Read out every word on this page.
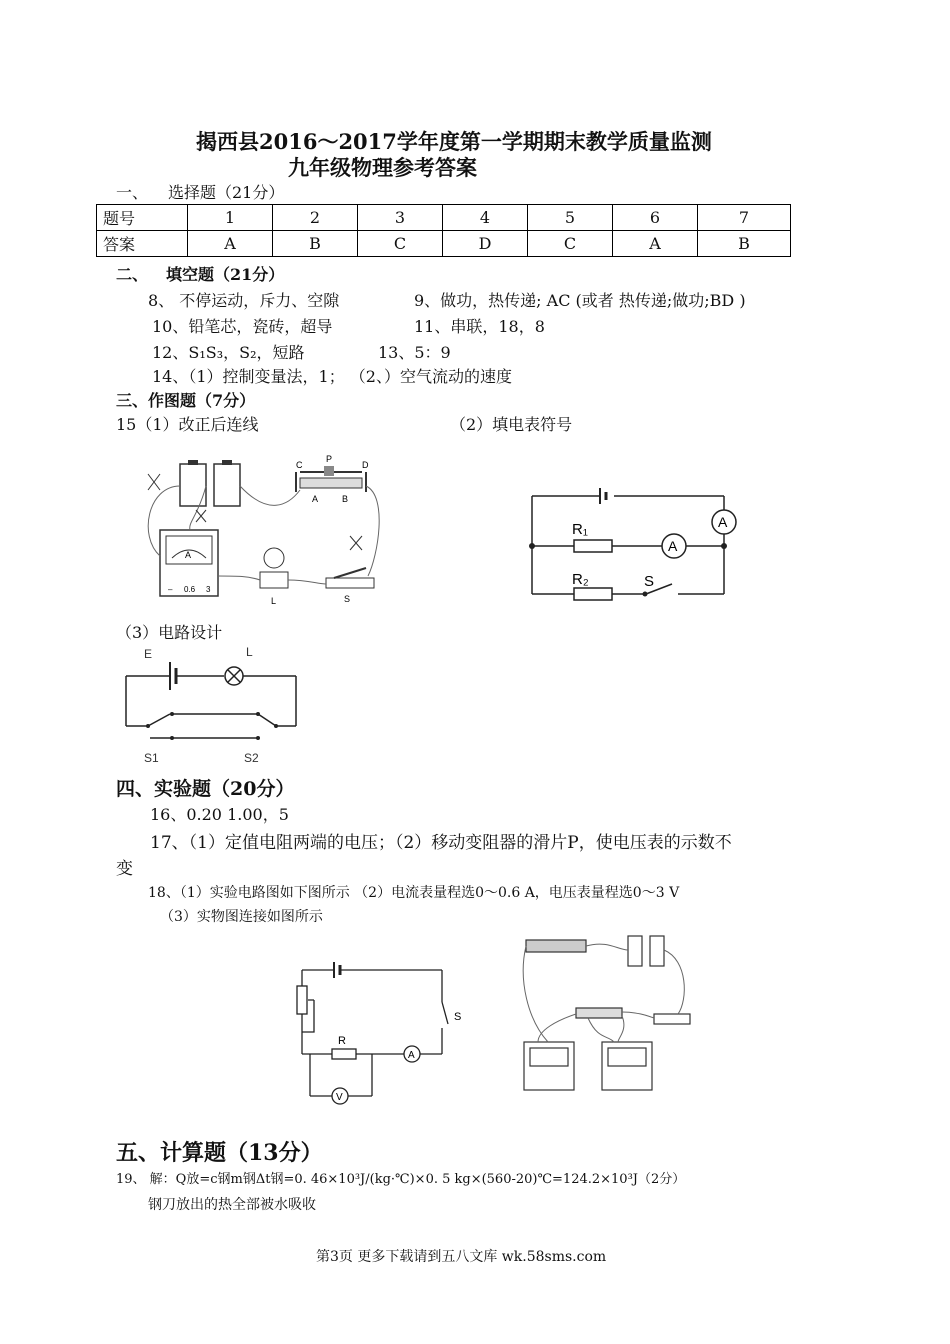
揭西县2016～2017学年度第一学期期末教学质量监测
九年级物理参考答案
一、 选择题（21分）
题号	1	2	3	4	5	6	7
答案	A	B	C	D	C	A	B
二、 填空题（21分）
8、 不停运动，斥力、空隙	9、做功，热传递; AC (或者 热传递;做功;BD )
10、铅笔芯，瓷砖，超导	11、串联，18，8
12、S₁S₃，S₂，短路	13、5：9
14、（1）控制变量法，1； （2、）空气流动的速度
三、作图题（7分）
15（1）改正后连线	（2）填电表符号
C
P
D
A	B
A
– 0.6 3
L	S
R₁
R₂	S
A
A
（3）电路设计
E	L
S1	S2
四、实验题（20分）
16、0.20 1.00，5
17、（1）定值电阻两端的电压；（2）移动变阻器的滑片P，使电压表的示数不
变
18、（1）实验电路图如下图所示 （2）电流表量程选0～0.6 A，电压表量程选0～3 V
（3）实物图连接如图所示
R
S
A
V
五、计算题（13分）
19、 解：Q放=c钢m钢Δt钢=0. 46×10³J/(kg·℃)×0. 5 kg×(560-20)℃=124.2×10³J（2分）
钢刀放出的热全部被水吸收
第3页 更多下载请到五八文库 wk.58sms.com
